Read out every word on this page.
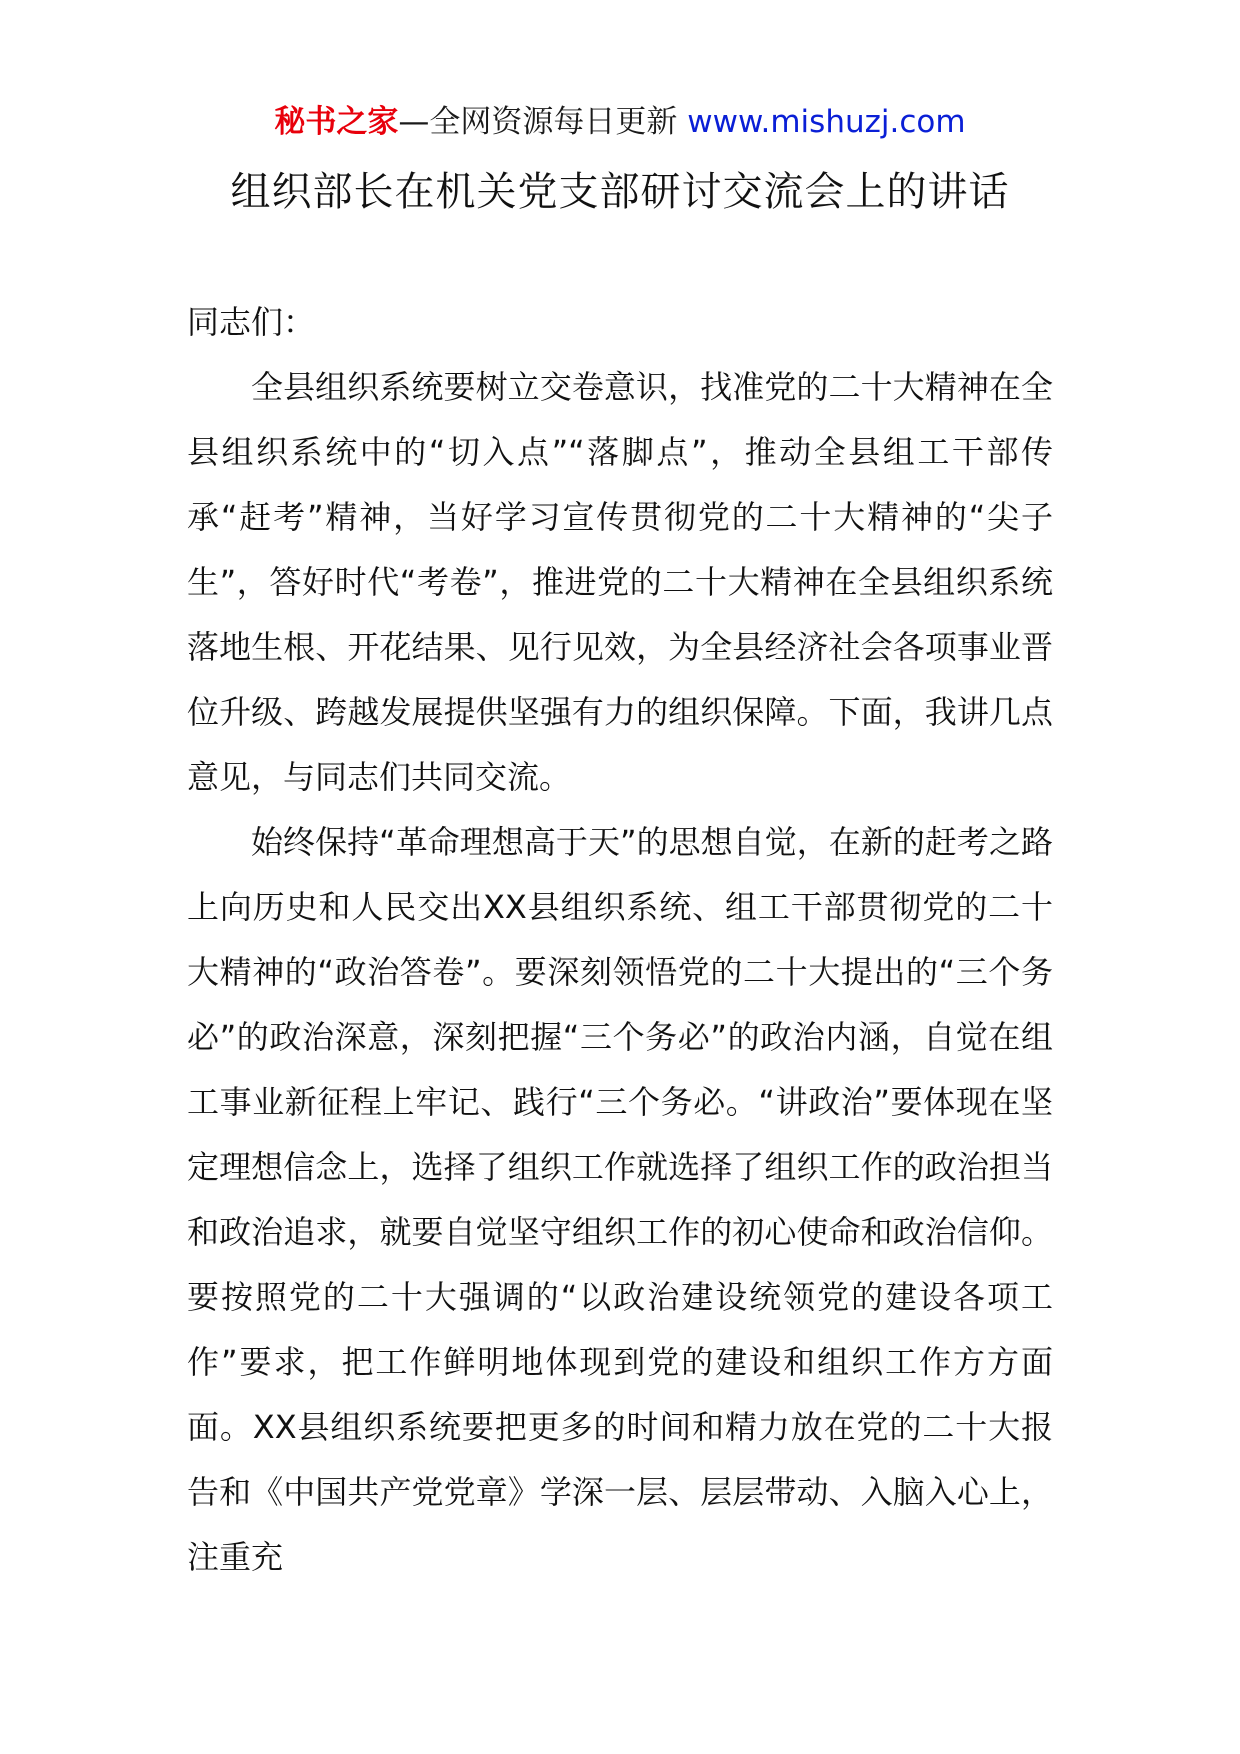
秘书之家—全网资源每日更新 www.mishuzj.com
组织部长在机关党支部研讨交流会上的讲话

同志们：

全县组织系统要树立交卷意识，找准党的二十大精神在全县组织系统中的“切入点”“落脚点”，推动全县组工干部传承“赶考”精神，当好学习宣传贯彻党的二十大精神的“尖子生”，答好时代“考卷”，推进党的二十大精神在全县组织系统落地生根、开花结果、见行见效，为全县经济社会各项事业晋位升级、跨越发展提供坚强有力的组织保障。下面，我讲几点意见，与同志们共同交流。

始终保持“革命理想高于天”的思想自觉，在新的赶考之路上向历史和人民交出XX县组织系统、组工干部贯彻党的二十大精神的“政治答卷”。要深刻领悟党的二十大提出的“三个务必”的政治深意，深刻把握“三个务必”的政治内涵，自觉在组工事业新征程上牢记、践行“三个务必。“讲政治”要体现在坚定理想信念上，选择了组织工作就选择了组织工作的政治担当和政治追求，就要自觉坚守组织工作的初心使命和政治信仰。要按照党的二十大强调的“以政治建设统领党的建设各项工作”要求，把工作鲜明地体现到党的建设和组织工作方方面面。XX县组织系统要把更多的时间和精力放在党的二十大报告和《中国共产党党章》学深一层、层层带动、入脑入心上，注重充
